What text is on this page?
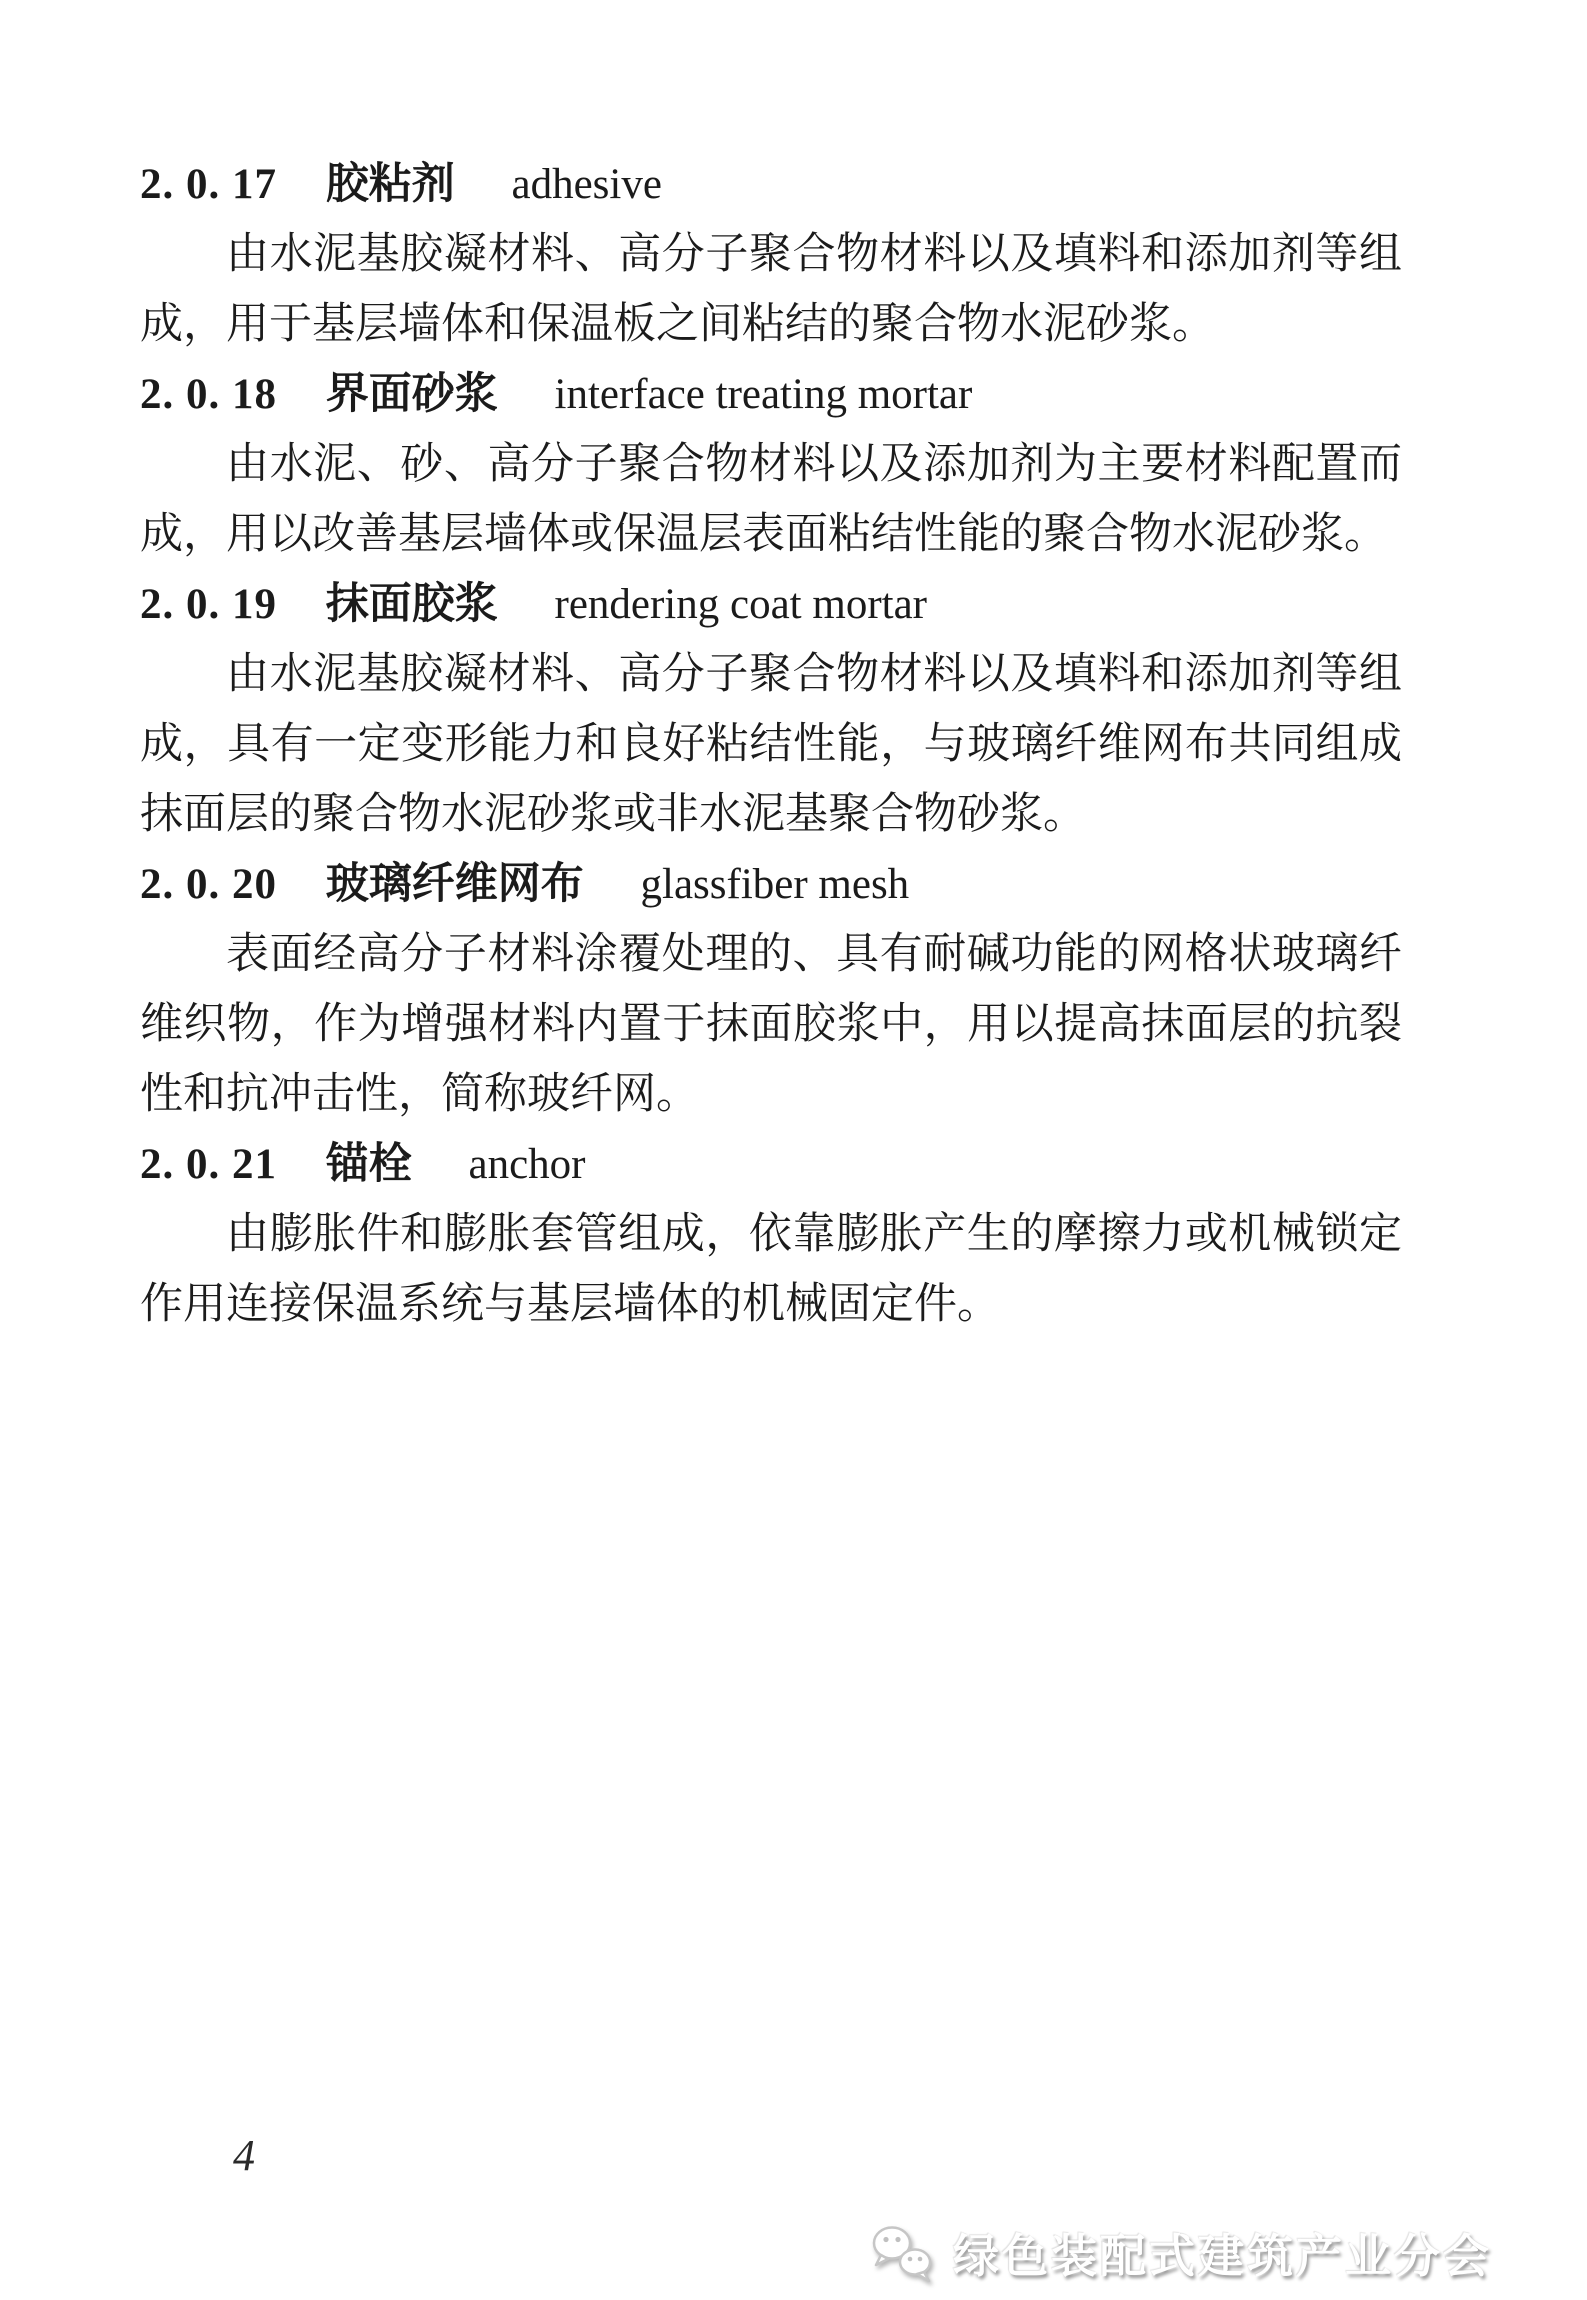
2. 0. 17 胶粘剂 adhesive

由水泥基胶凝材料、高分子聚合物材料以及填料和添加剂等组成，用于基层墙体和保温板之间粘结的聚合物水泥砂浆。

2. 0. 18 界面砂浆 interface treating mortar

由水泥、砂、高分子聚合物材料以及添加剂为主要材料配置而成，用以改善基层墙体或保温层表面粘结性能的聚合物水泥砂浆。

2. 0. 19 抹面胶浆 rendering coat mortar

由水泥基胶凝材料、高分子聚合物材料以及填料和添加剂等组成，具有一定变形能力和良好粘结性能，与玻璃纤维网布共同组成抹面层的聚合物水泥砂浆或非水泥基聚合物砂浆。

2. 0. 20 玻璃纤维网布 glassfiber mesh

表面经高分子材料涂覆处理的、具有耐碱功能的网格状玻璃纤维织物，作为增强材料内置于抹面胶浆中，用以提高抹面层的抗裂性和抗冲击性，简称玻纤网。

2. 0. 21 锚栓 anchor

由膨胀件和膨胀套管组成，依靠膨胀产生的摩擦力或机械锁定作用连接保温系统与基层墙体的机械固定件。

4
绿色装配式建筑产业分会
